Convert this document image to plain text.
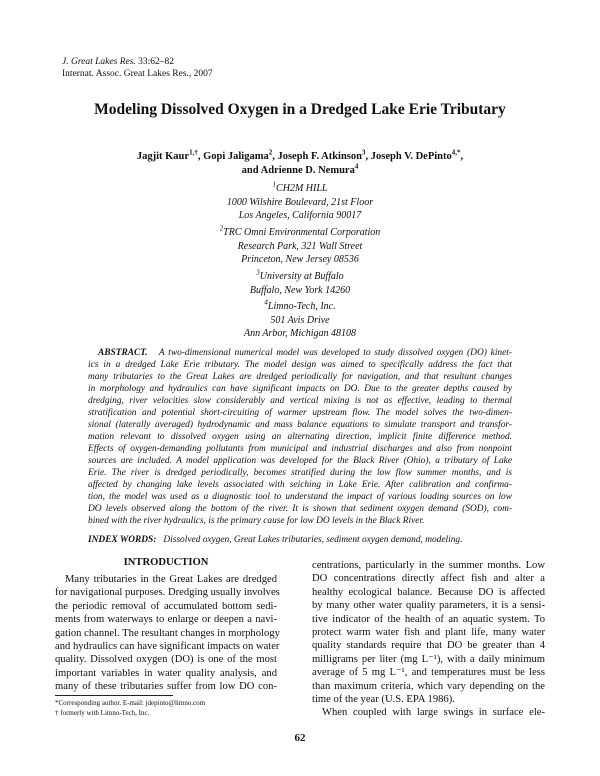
J. Great Lakes Res. 33:62–82
Internat. Assoc. Great Lakes Res., 2007
Modeling Dissolved Oxygen in a Dredged Lake Erie Tributary
Jagjit Kaur$^{1,\dagger}$, Gopi Jaligama$^2$, Joseph F. Atkinson$^3$, Joseph V. DePinto$^{4,*}$,
and Adrienne D. Nemura$^4$
$^1$CH2M HILL
1000 Wilshire Boulevard, 21st Floor
Los Angeles, California 90017
$^2$TRC Omni Environmental Corporation
Research Park, 321 Wall Street
Princeton, New Jersey 08536
$^3$University at Buffalo
Buffalo, New York 14260
$^4$Limno-Tech, Inc.
501 Avis Drive
Ann Arbor, Michigan 48108
ABSTRACT. A two-dimensional numerical model was developed to study dissolved oxygen (DO) kinet-
ics in a dredged Lake Erie tributary. The model design was aimed to specifically address the fact that
many tributaries to the Great Lakes are dredged periodically for navigation, and that resultant changes
in morphology and hydraulics can have significant impacts on DO. Due to the greater depths caused by
dredging, river velocities slow considerably and vertical mixing is not as effective, leading to thermal
stratification and potential short-circuiting of warmer upstream flow. The model solves the two-dimen-
sional (laterally averaged) hydrodynamic and mass balance equations to simulate transport and transfor-
mation relevant to dissolved oxygen using an alternating direction, implicit finite difference method.
Effects of oxygen-demanding pollutants from municipal and industrial discharges and also from nonpoint
sources are included. A model application was developed for the Black River (Ohio), a tributary of Lake
Erie. The river is dredged periodically, becomes stratified during the low flow summer months, and is
affected by changing lake levels associated with seiching in Lake Erie. After calibration and confirma-
tion, the model was used as a diagnostic tool to understand the impact of various loading sources on low
DO levels observed along the bottom of the river. It is shown that sediment oxygen demand (SOD), com-
bined with the river hydraulics, is the primary cause for low DO levels in the Black River.
INDEX WORDS: Dissolved oxygen, Great Lakes tributaries, sediment oxygen demand, modeling.
INTRODUCTION
Many tributaries in the Great Lakes are dredged
for navigational purposes. Dredging usually involves
the periodic removal of accumulated bottom sedi-
ments from waterways to enlarge or deepen a navi-
gation channel. The resultant changes in morphology
and hydraulics can have significant impacts on water
quality. Dissolved oxygen (DO) is one of the most
important variables in water quality analysis, and
many of these tributaries suffer from low DO con-
centrations, particularly in the summer months. Low
DO concentrations directly affect fish and alter a
healthy ecological balance. Because DO is affected
by many other water quality parameters, it is a sensi-
tive indicator of the health of an aquatic system. To
protect warm water fish and plant life, many water
quality standards require that DO be greater than 4
milligrams per liter (mg L⁻¹), with a daily minimum
average of 5 mg L⁻¹, and temperatures must be less
than maximum criteria, which vary depending on the
time of the year (U.S. EPA 1986).
When coupled with large swings in surface ele-
*Corresponding author. E-mail: jdepinto@limno.com
† formerly with Limno-Tech, Inc.
62
